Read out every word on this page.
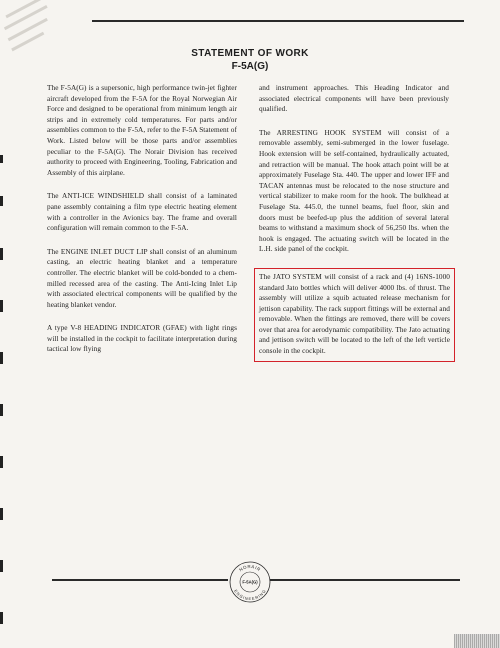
STATEMENT OF WORK
F-5A(G)

The F-5A(G) is a supersonic, high performance twin-jet fighter aircraft developed from the F-5A for the Royal Norwegian Air Force and designed to be operational from minimum length air strips and in extremely cold temperatures. For parts and/or assemblies common to the F-5A, refer to the F-5A Statement of Work. Listed below will be those parts and/or assemblies peculiar to the F-5A(G). The Norair Division has received authority to proceed with Engineering, Tooling, Fabrication and Assembly of this airplane.

The ANTI-ICE WINDSHIELD shall consist of a laminated pane assembly containing a film type electric heating element with a controller in the Avionics bay. The frame and overall configuration will remain common to the F-5A.

The ENGINE INLET DUCT LIP shall consist of an aluminum casting, an electric heating blanket and a temperature controller. The electric blanket will be cold-bonded to a chem-milled recessed area of the casting. The Anti-Icing Inlet Lip with associated electrical components will be qualified by the heating blanket vendor.

A type V-8 HEADING INDICATOR (GFAE) with light rings will be installed in the cockpit to facilitate interpretation during tactical low flying

and instrument approaches. This Heading Indicator and associated electrical components will have been previously qualified.

The ARRESTING HOOK SYSTEM will consist of a removable assembly, semi-submerged in the lower fuselage. Hook extension will be self-contained, hydraulically actuated, and retraction will be manual. The hook attach point will be at approximately Fuselage Sta. 440. The upper and lower IFF and TACAN antennas must be relocated to the nose structure and vertical stabilizer to make room for the hook. The bulkhead at Fuselage Sta. 445.0, the tunnel beams, fuel floor, skin and doors must be beefed-up plus the addition of several lateral beams to withstand a maximum shock of 56,250 lbs. when the hook is engaged. The actuating switch will be located in the L.H. side panel of the cockpit.

The JATO SYSTEM will consist of a rack and (4) 16NS-1000 standard Jato bottles which will deliver 4000 lbs. of thrust. The assembly will utilize a squib actuated release mechanism for jettison capability. The rack support fittings will be external and removable. When the fittings are removed, there will be covers over that area for aerodynamic compatibility. The Jato actuating and jettison switch will be located to the left of the left verticle console in the cockpit.

NORAIR
F-5A(G)
ENGINEERING
